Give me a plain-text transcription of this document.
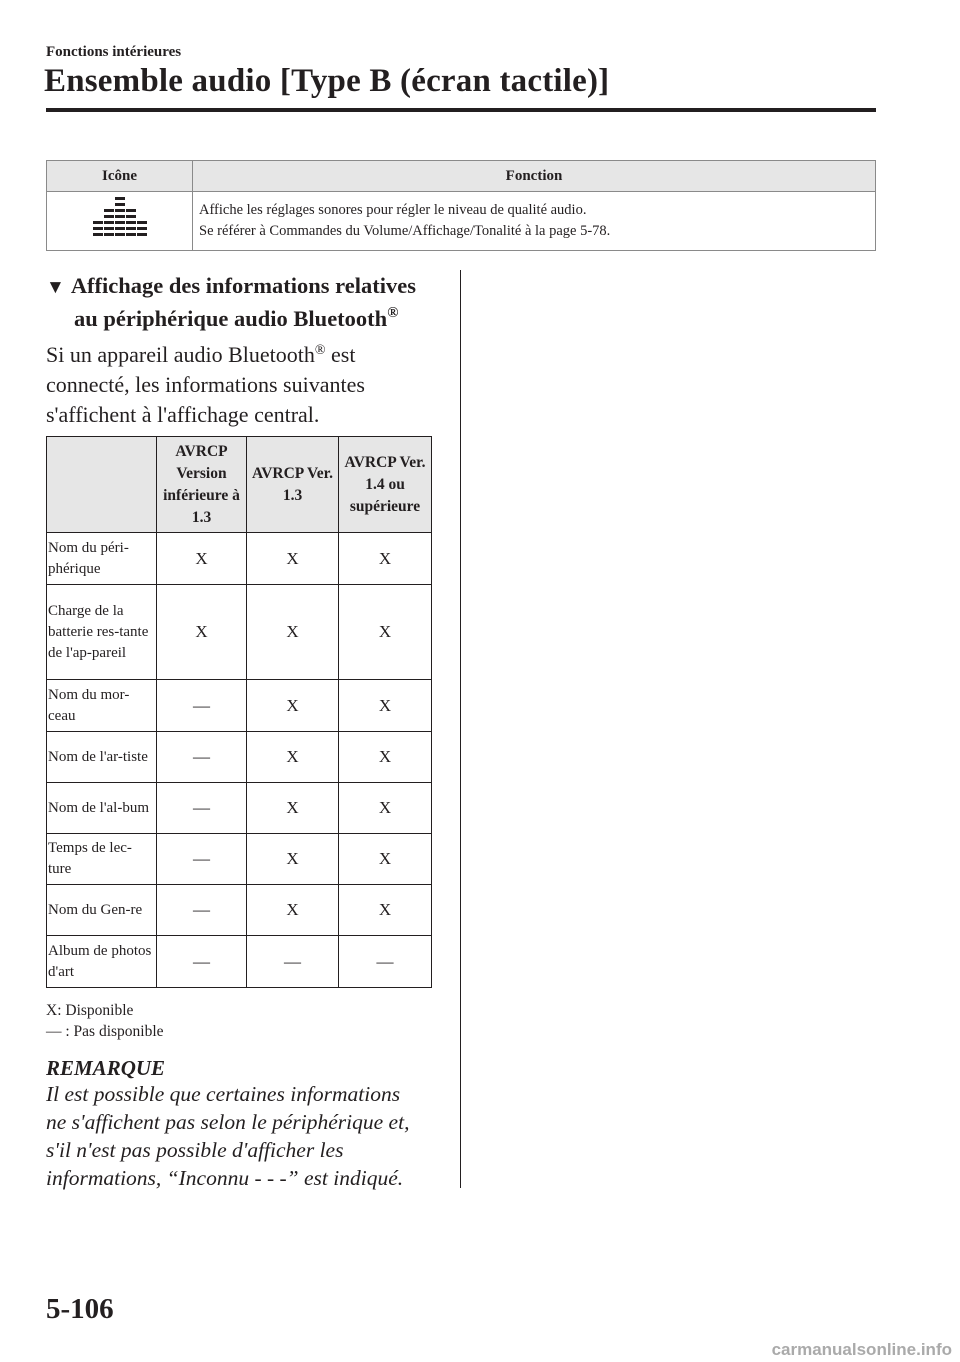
Fonctions intérieures
Ensemble audio [Type B (écran tactile)]
Icône	Fonction

Affiche les réglages sonores pour régler le niveau de qualité audio.
Se référer à Commandes du Volume/Affichage/Tonalité à la page 5-78.
▼ Affichage des informations relatives
au périphérique audio Bluetooth®
Si un appareil audio Bluetooth® est
connecté, les informations suivantes
s'affichent à l'affichage central.
	AVRCP Version inférieure à 1.3	AVRCP Ver. 1.3	AVRCP Ver. 1.4 ou supérieure
Nom du péri-phérique	X	X	X
Charge de la batterie res-tante de l'ap-pareil	X	X	X
Nom du mor-ceau	—	X	X
Nom de l'ar-tiste	—	X	X
Nom de l'al-bum	—	X	X
Temps de lec-ture	—	X	X
Nom du Gen-re	—	X	X
Album de photos d'art	—	—	—
X: Disponible
— : Pas disponible
REMARQUE
Il est possible que certaines informations
ne s'affichent pas selon le périphérique et,
s'il n'est pas possible d'afficher les
informations, “Inconnu - - -” est indiqué.
5-106
carmanualsonline.info
